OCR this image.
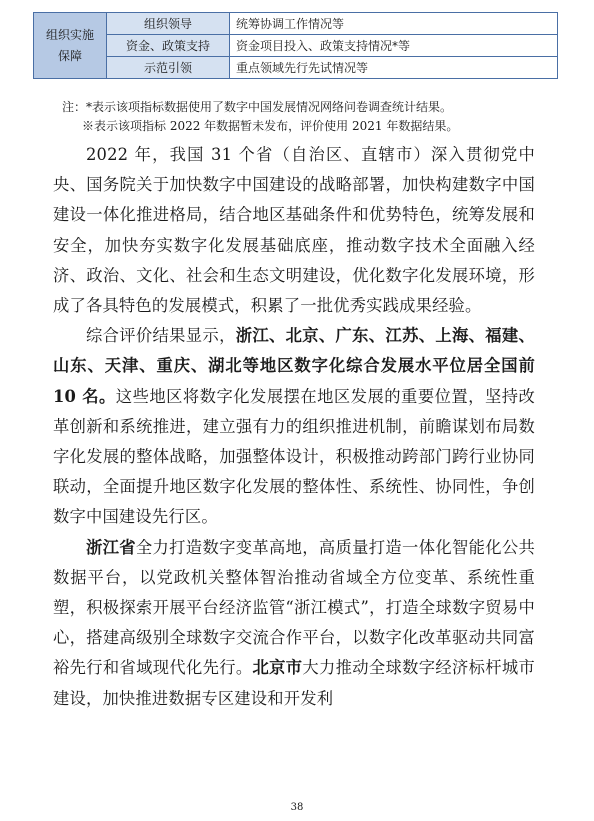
组织实施
保障	组织领导	统筹协调工作情况等
	资金、政策支持	资金项目投入、政策支持情况*等
	示范引领	重点领域先行先试情况等
注：*表示该项指标数据使用了数字中国发展情况网络问卷调查统计结果。
※表示该项指标 2022 年数据暂未发布，评价使用 2021 年数据结果。

2022 年，我国 31 个省（自治区、直辖市）深入贯彻党中央、国务院关于加快数字中国建设的战略部署，加快构建数字中国建设一体化推进格局，结合地区基础条件和优势特色，统筹发展和安全，加快夯实数字化发展基础底座，推动数字技术全面融入经济、政治、文化、社会和生态文明建设，优化数字化发展环境，形成了各具特色的发展模式，积累了一批优秀实践成果经验。

综合评价结果显示，浙江、北京、广东、江苏、上海、福建、山东、天津、重庆、湖北等地区数字化综合发展水平位居全国前 10 名。这些地区将数字化发展摆在地区发展的重要位置，坚持改革创新和系统推进，建立强有力的组织推进机制，前瞻谋划布局数字化发展的整体战略，加强整体设计，积极推动跨部门跨行业协同联动，全面提升地区数字化发展的整体性、系统性、协同性，争创数字中国建设先行区。

浙江省全力打造数字变革高地，高质量打造一体化智能化公共数据平台，以党政机关整体智治推动省域全方位变革、系统性重塑，积极探索开展平台经济监管“浙江模式”，打造全球数字贸易中心，搭建高级别全球数字交流合作平台，以数字化改革驱动共同富裕先行和省域现代化先行。北京市大力推动全球数字经济标杆城市建设，加快推进数据专区建设和开发利

38
